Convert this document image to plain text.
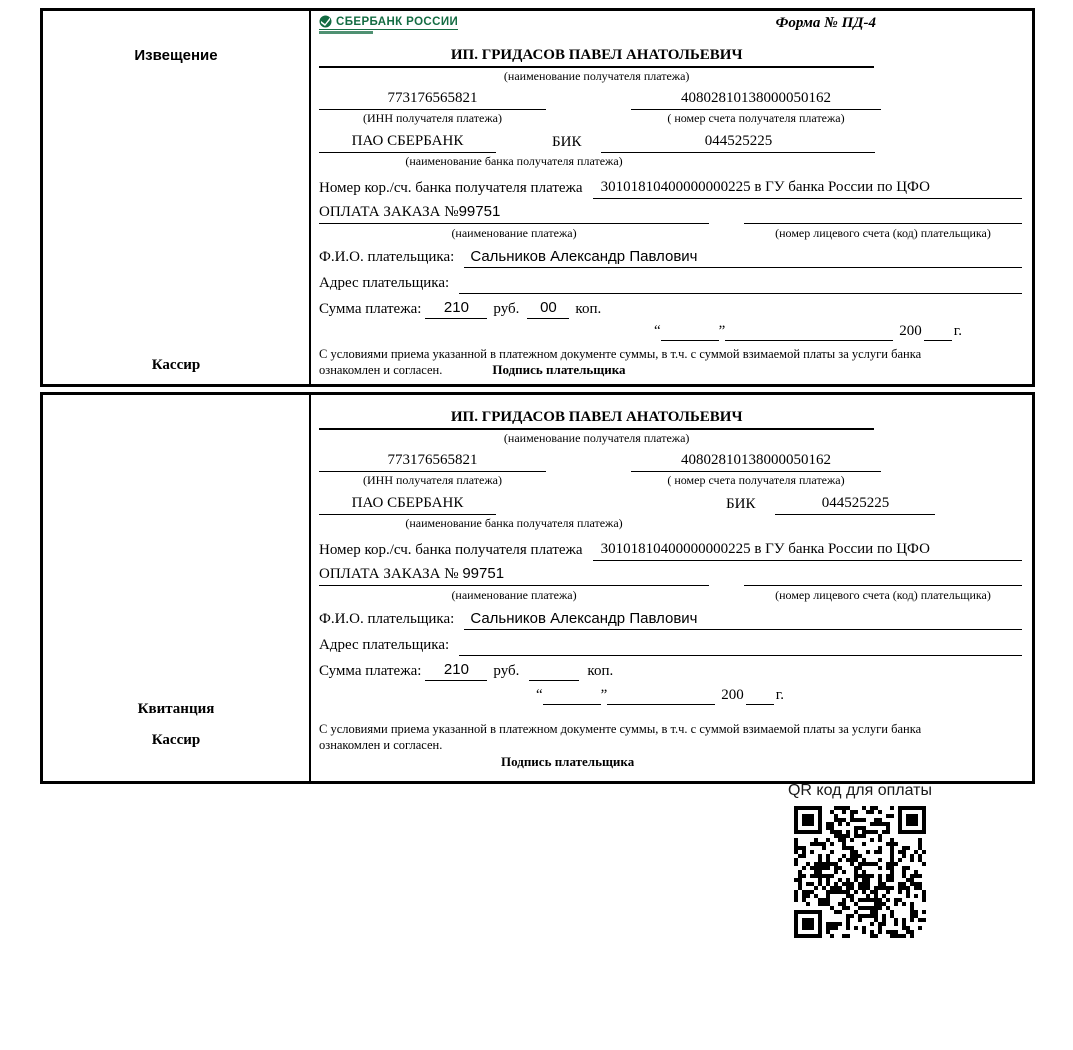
Извещение
Кассир
СБЕРБАНК РОССИИ	Форма № ПД-4
ИП. ГРИДАСОВ ПАВЕЛ АНАТОЛЬЕВИЧ
(наименование получателя платежа)
773176565821	40802810138000050162
(ИНН получателя платежа)	( номер счета получателя платежа)
ПАО СБЕРБАНК	БИК	044525225
(наименование банка получателя платежа)
Номер кор./сч. банка получателя платежа	30101810400000000225 в ГУ банка России по ЦФО
ОПЛАТА ЗАКАЗА №99751
(наименование платежа)	(номер лицевого счета (код) плательщика)
Ф.И.О. плательщика:	Сальников Александр Павлович
Адрес плательщика:
Сумма платежа:	210	руб.	00	коп.
“	”	200 г.
С условиями приема указанной в платежном документе суммы, в т.ч. с суммой взимаемой платы за услуги банка
ознакомлен и согласен.	Подпись плательщика
Квитанция
Кассир
ИП. ГРИДАСОВ ПАВЕЛ АНАТОЛЬЕВИЧ
(наименование получателя платежа)
773176565821	40802810138000050162
(ИНН получателя платежа)	( номер счета получателя платежа)
ПАО СБЕРБАНК	БИК	044525225
(наименование банка получателя платежа)
Номер кор./сч. банка получателя платежа	30101810400000000225 в ГУ банка России по ЦФО
ОПЛАТА ЗАКАЗА № 99751
(наименование платежа)	(номер лицевого счета (код) плательщика)
Ф.И.О. плательщика:	Сальников Александр Павлович
Адрес плательщика:
Сумма платежа:	210	руб.	коп.
“	”	200 г.
С условиями приема указанной в платежном документе суммы, в т.ч. с суммой взимаемой платы за услуги банка
ознакомлен и согласен.
Подпись плательщика
QR код для оплаты
